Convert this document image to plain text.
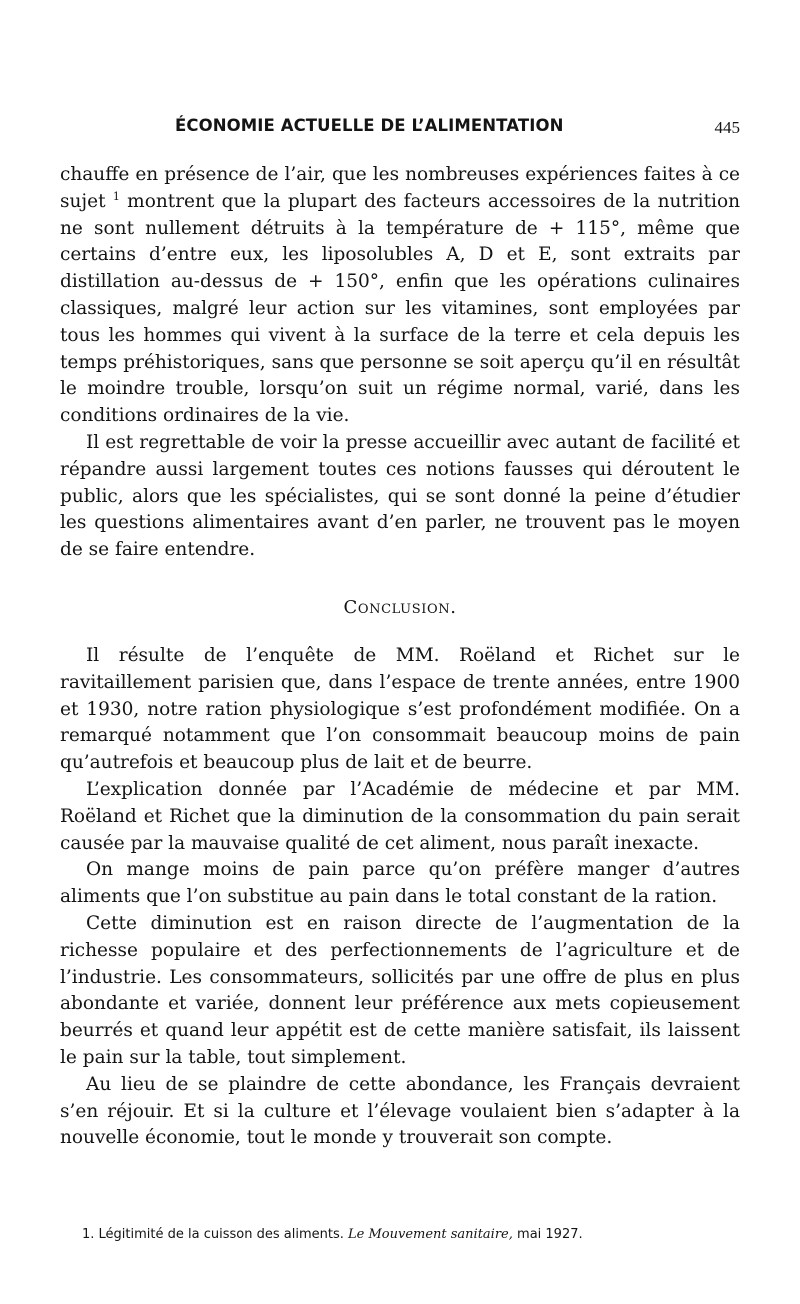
ÉCONOMIE ACTUELLE DE L’ALIMENTATION	445

chauffe en présence de l’air, que les nombreuses expériences faites à ce sujet $^1$ montrent que la plupart des facteurs accessoires de la nutrition ne sont nullement détruits à la température de + 115°, même que certains d’entre eux, les liposolubles A, D et E, sont extraits par distillation au-dessus de + 150°, enfin que les opérations culinaires classiques, malgré leur action sur les vitamines, sont employées par tous les hommes qui vivent à la surface de la terre et cela depuis les temps préhistoriques, sans que personne se soit aperçu qu’il en résultât le moindre trouble, lorsqu’on suit un régime normal, varié, dans les conditions ordinaires de la vie.

Il est regrettable de voir la presse accueillir avec autant de facilité et répandre aussi largement toutes ces notions fausses qui déroutent le public, alors que les spécialistes, qui se sont donné la peine d’étudier les questions alimentaires avant d’en parler, ne trouvent pas le moyen de se faire entendre.

Conclusion.

Il résulte de l’enquête de MM. Roëland et Richet sur le ravitaillement parisien que, dans l’espace de trente années, entre 1900 et 1930, notre ration physiologique s’est profondément modifiée. On a remarqué notamment que l’on consommait beaucoup moins de pain qu’autrefois et beaucoup plus de lait et de beurre.

L’explication donnée par l’Académie de médecine et par MM. Roëland et Richet que la diminution de la consommation du pain serait causée par la mauvaise qualité de cet aliment, nous paraît inexacte.

On mange moins de pain parce qu’on préfère manger d’autres aliments que l’on substitue au pain dans le total constant de la ration.

Cette diminution est en raison directe de l’augmentation de la richesse populaire et des perfectionnements de l’agriculture et de l’industrie. Les consommateurs, sollicités par une offre de plus en plus abondante et variée, donnent leur préférence aux mets copieusement beurrés et quand leur appétit est de cette manière satisfait, ils laissent le pain sur la table, tout simplement.

Au lieu de se plaindre de cette abondance, les Français devraient s’en réjouir. Et si la culture et l’élevage voulaient bien s’adapter à la nouvelle économie, tout le monde y trouverait son compte.

1. Légitimité de la cuisson des aliments. Le Mouvement sanitaire, mai 1927.
